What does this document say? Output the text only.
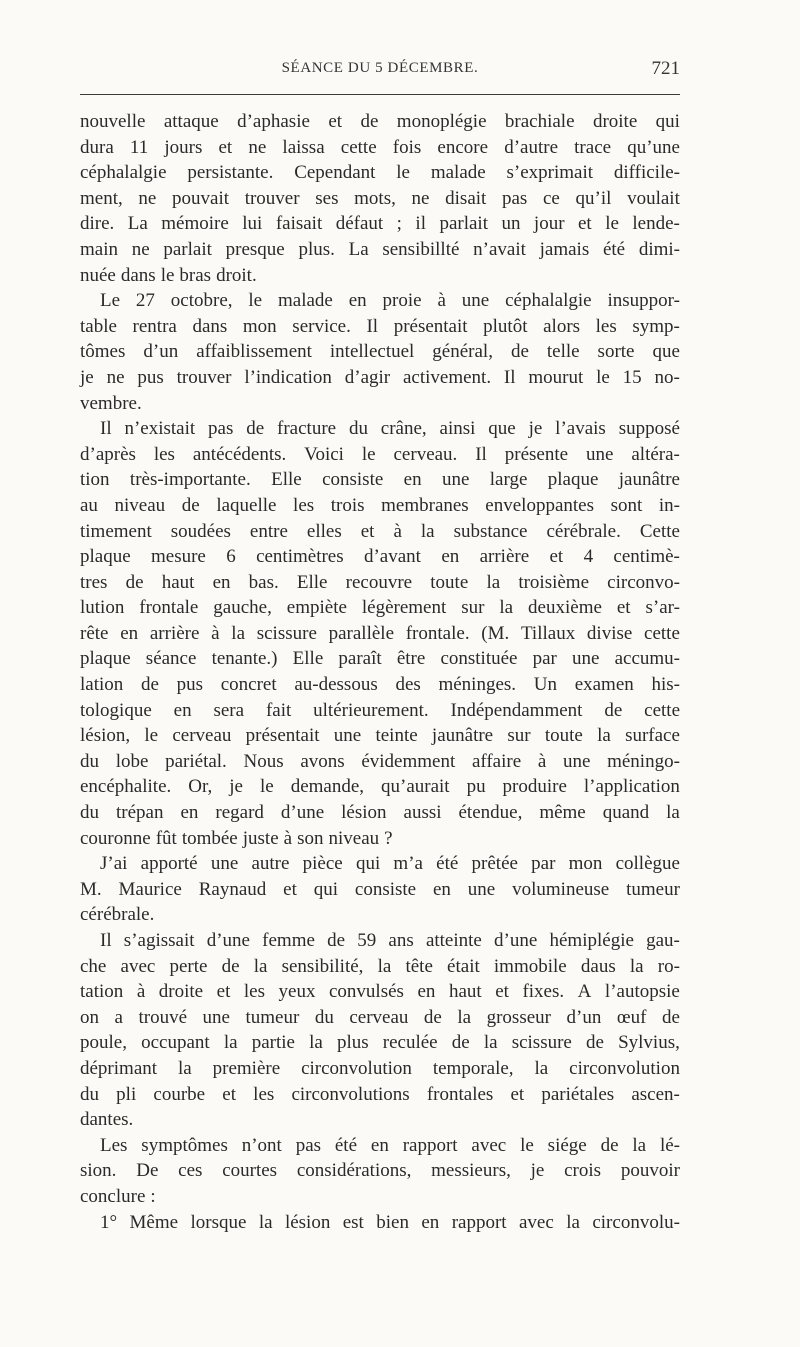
SÉANCE DU 5 DÉCEMBRE.	721
nouvelle attaque d’aphasie et de monoplégie brachiale droite qui
dura 11 jours et ne laissa cette fois encore d’autre trace qu’une
céphalalgie persistante. Cependant le malade s’exprimait difficile-
ment, ne pouvait trouver ses mots, ne disait pas ce qu’il voulait
dire. La mémoire lui faisait défaut ; il parlait un jour et le lende-
main ne parlait presque plus. La sensibillté n’avait jamais été dimi-
nuée dans le bras droit.
Le 27 octobre, le malade en proie à une céphalalgie insuppor-
table rentra dans mon service. Il présentait plutôt alors les symp-
tômes d’un affaiblissement intellectuel général, de telle sorte que
je ne pus trouver l’indication d’agir activement. Il mourut le 15 no-
vembre.
Il n’existait pas de fracture du crâne, ainsi que je l’avais supposé
d’après les antécédents. Voici le cerveau. Il présente une altéra-
tion très-importante. Elle consiste en une large plaque jaunâtre
au niveau de laquelle les trois membranes enveloppantes sont in-
timement soudées entre elles et à la substance cérébrale. Cette
plaque mesure 6 centimètres d’avant en arrière et 4 centimè-
tres de haut en bas. Elle recouvre toute la troisième circonvo-
lution frontale gauche, empiète légèrement sur la deuxième et s’ar-
rête en arrière à la scissure parallèle frontale. (M. Tillaux divise cette
plaque séance tenante.) Elle paraît être constituée par une accumu-
lation de pus concret au-dessous des méninges. Un examen his-
tologique en sera fait ultérieurement. Indépendamment de cette
lésion, le cerveau présentait une teinte jaunâtre sur toute la surface
du lobe pariétal. Nous avons évidemment affaire à une méningo-
encéphalite. Or, je le demande, qu’aurait pu produire l’application
du trépan en regard d’une lésion aussi étendue, même quand la
couronne fût tombée juste à son niveau ?
J’ai apporté une autre pièce qui m’a été prêtée par mon collègue
M. Maurice Raynaud et qui consiste en une volumineuse tumeur
cérébrale.
Il s’agissait d’une femme de 59 ans atteinte d’une hémiplégie gau-
che avec perte de la sensibilité, la tête était immobile daus la ro-
tation à droite et les yeux convulsés en haut et fixes. A l’autopsie
on a trouvé une tumeur du cerveau de la grosseur d’un œuf de
poule, occupant la partie la plus reculée de la scissure de Sylvius,
déprimant la première circonvolution temporale, la circonvolution
du pli courbe et les circonvolutions frontales et pariétales ascen-
dantes.
Les symptômes n’ont pas été en rapport avec le siége de la lé-
sion. De ces courtes considérations, messieurs, je crois pouvoir
conclure :
1° Même lorsque la lésion est bien en rapport avec la circonvolu-
